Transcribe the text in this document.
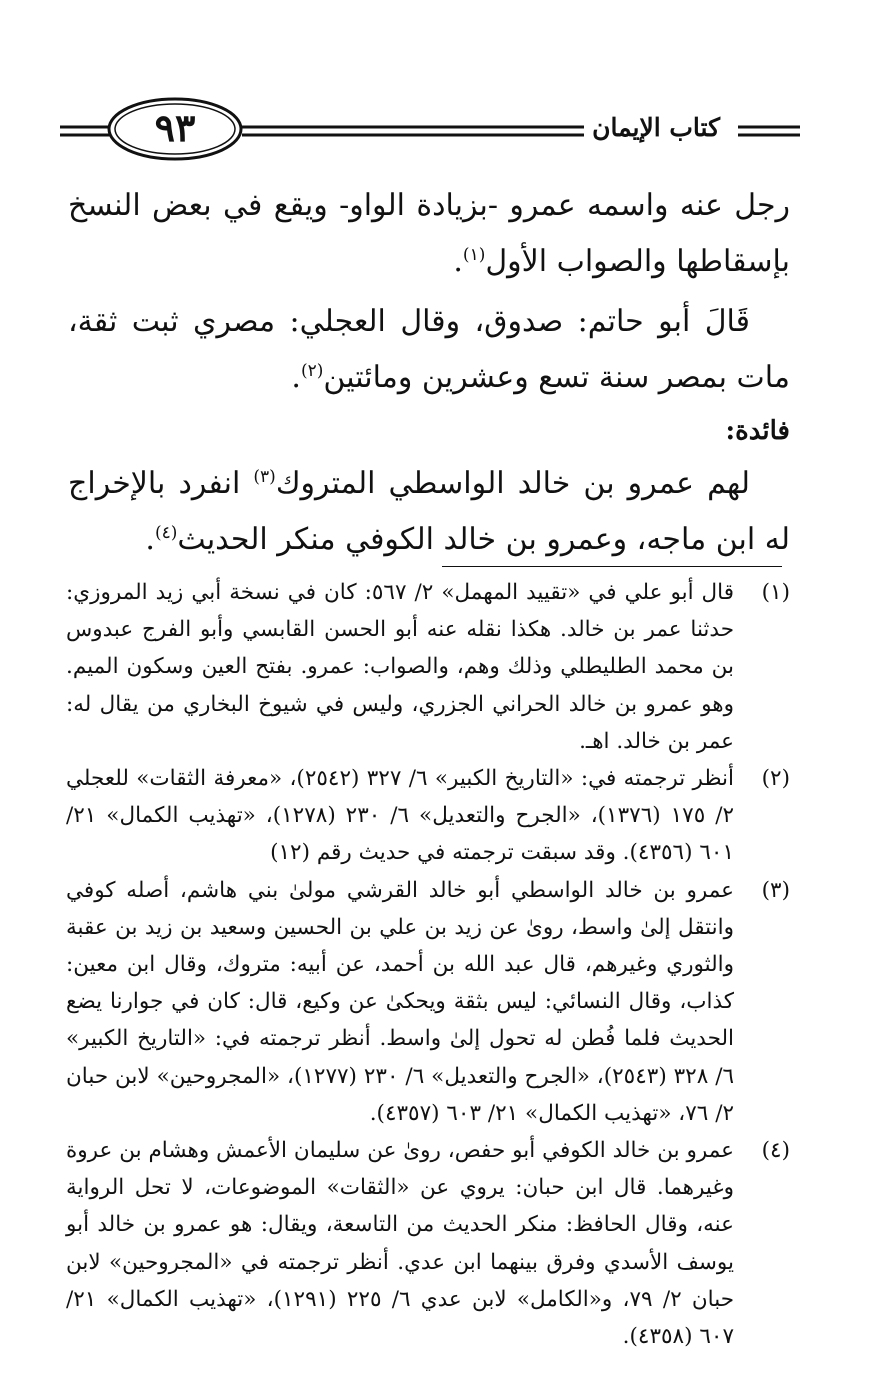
٩٣	كتاب الإيمان

رجل عنه واسمه عمرو -بزيادة الواو- ويقع في بعض النسخ بإسقاطها والصواب الأول$^{(١)}$.

قَالَ أبو حاتم: صدوق، وقال العجلي: مصري ثبت ثقة، مات بمصر سنة تسع وعشرين ومائتين$^{(٢)}$.

فائدة:

لهم عمرو بن خالد الواسطي المتروك$^{(٣)}$ انفرد بالإخراج له ابن ماجه، وعمرو بن خالد الكوفي منكر الحديث$^{(٤)}$.

(١)
قال أبو علي في «تقييد المهمل» ٢/ ٥٦٧: كان في نسخة أبي زيد المروزي: حدثنا عمر بن خالد. هكذا نقله عنه أبو الحسن القابسي وأبو الفرج عبدوس بن محمد الطليطلي وذلك وهم، والصواب: عمرو. بفتح العين وسكون الميم. وهو عمرو بن خالد الحراني الجزري، وليس في شيوخ البخاري من يقال له: عمر بن خالد. اهـ.
(٢)
أنظر ترجمته في: «التاريخ الكبير» ٦/ ٣٢٧ (٢٥٤٢)، «معرفة الثقات» للعجلي ٢/ ١٧٥ (١٣٧٦)، «الجرح والتعديل» ٦/ ٢٣٠ (١٢٧٨)، «تهذيب الكمال» ٢١/ ٦٠١ (٤٣٥٦). وقد سبقت ترجمته في حديث رقم (١٢)
(٣)
عمرو بن خالد الواسطي أبو خالد القرشي مولىٰ بني هاشم، أصله كوفي وانتقل إلىٰ واسط، روىٰ عن زيد بن علي بن الحسين وسعيد بن زيد بن عقبة والثوري وغيرهم، قال عبد الله بن أحمد، عن أبيه: متروك، وقال ابن معين: كذاب، وقال النسائي: ليس بثقة ويحكىٰ عن وكيع، قال: كان في جوارنا يضع الحديث فلما فُطن له تحول إلىٰ واسط. أنظر ترجمته في: «التاريخ الكبير» ٦/ ٣٢٨ (٢٥٤٣)، «الجرح والتعديل» ٦/ ٢٣٠ (١٢٧٧)، «المجروحين» لابن حبان ٢/ ٧٦، «تهذيب الكمال» ٢١/ ٦٠٣ (٤٣٥٧).
(٤)
عمرو بن خالد الكوفي أبو حفص، روىٰ عن سليمان الأعمش وهشام بن عروة وغيرهما. قال ابن حبان: يروي عن «الثقات» الموضوعات، لا تحل الرواية عنه، وقال الحافظ: منكر الحديث من التاسعة، ويقال: هو عمرو بن خالد أبو يوسف الأسدي وفرق بينهما ابن عدي. أنظر ترجمته في «المجروحين» لابن حبان ٢/ ٧٩، و«الكامل» لابن عدي ٦/ ٢٢٥ (١٢٩١)، «تهذيب الكمال» ٢١/ ٦٠٧ (٤٣٥٨).
